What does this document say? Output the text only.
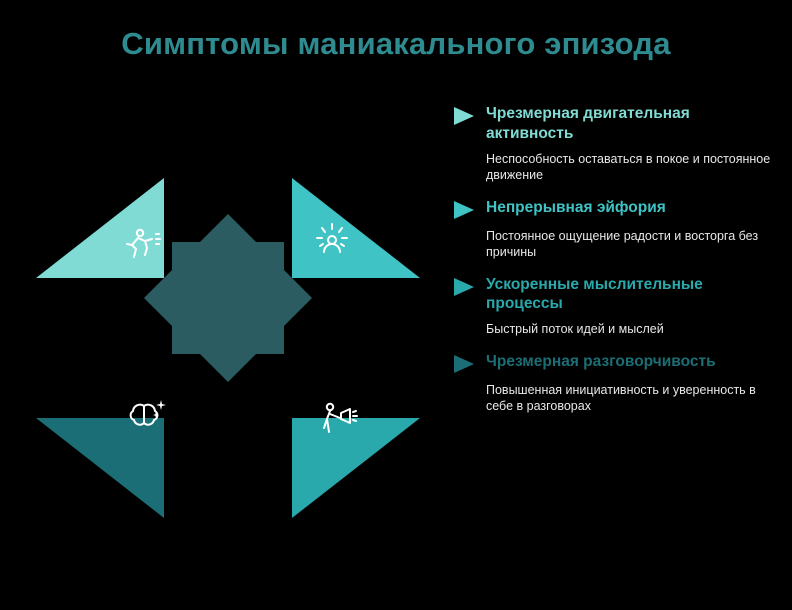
Симптомы маниакального эпизода
Чрезмерная двигательная активность
Неспособность оставаться в покое и постоянное движение
Непрерывная эйфория
Постоянное ощущение радости и восторга без причины
Ускоренные мыслительные процессы
Быстрый поток идей и мыслей
Чрезмерная разговорчивость
Повышенная инициативность и уверенность в себе в разговорах
